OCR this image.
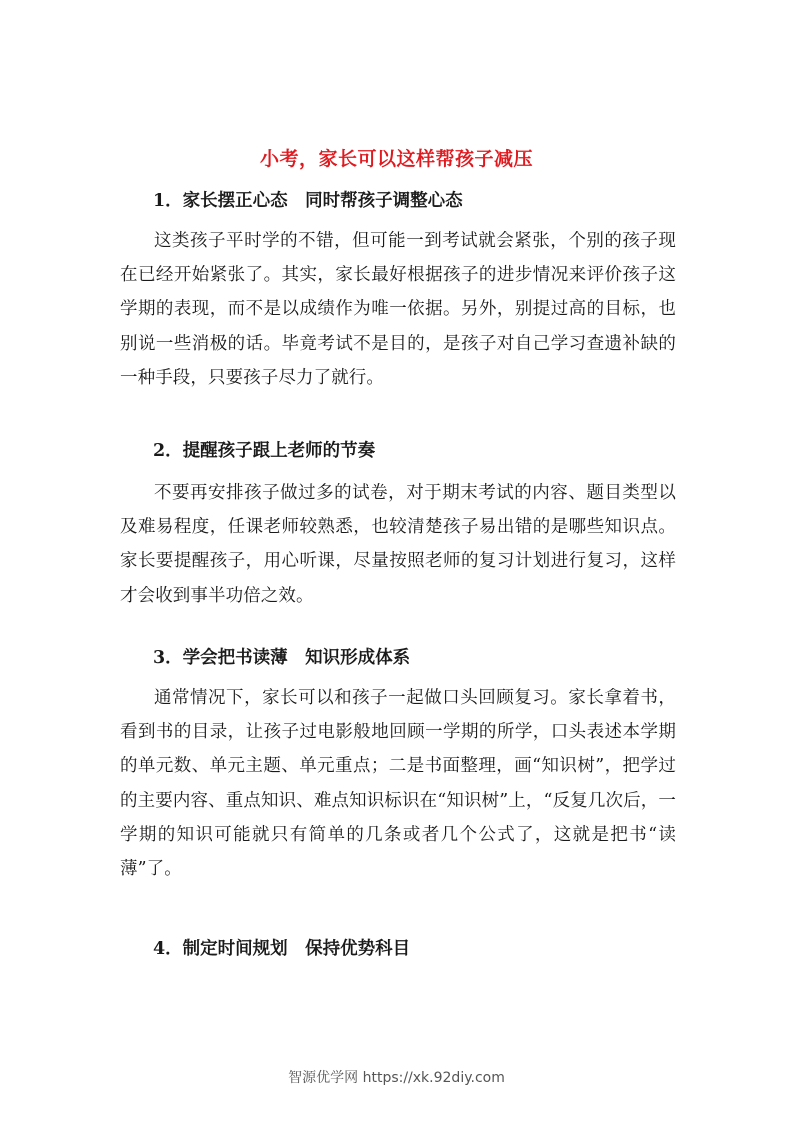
小考，家长可以这样帮孩子减压
1．家长摆正心态　同时帮孩子调整心态
这类孩子平时学的不错，但可能一到考试就会紧张，个别的孩子现在已经开始紧张了。其实，家长最好根据孩子的进步情况来评价孩子这学期的表现，而不是以成绩作为唯一依据。另外，别提过高的目标，也别说一些消极的话。毕竟考试不是目的，是孩子对自己学习查遗补缺的一种手段，只要孩子尽力了就行。
2．提醒孩子跟上老师的节奏
不要再安排孩子做过多的试卷，对于期末考试的内容、题目类型以及难易程度，任课老师较熟悉，也较清楚孩子易出错的是哪些知识点。家长要提醒孩子，用心听课，尽量按照老师的复习计划进行复习，这样才会收到事半功倍之效。
3．学会把书读薄　知识形成体系
通常情况下，家长可以和孩子一起做口头回顾复习。家长拿着书，看到书的目录，让孩子过电影般地回顾一学期的所学，口头表述本学期的单元数、单元主题、单元重点；二是书面整理，画“知识树”，把学过的主要内容、重点知识、难点知识标识在“知识树”上，“反复几次后，一学期的知识可能就只有简单的几条或者几个公式了，这就是把书“读薄”了。
4．制定时间规划　保持优势科目
智源优学网 https://xk.92diy.com
